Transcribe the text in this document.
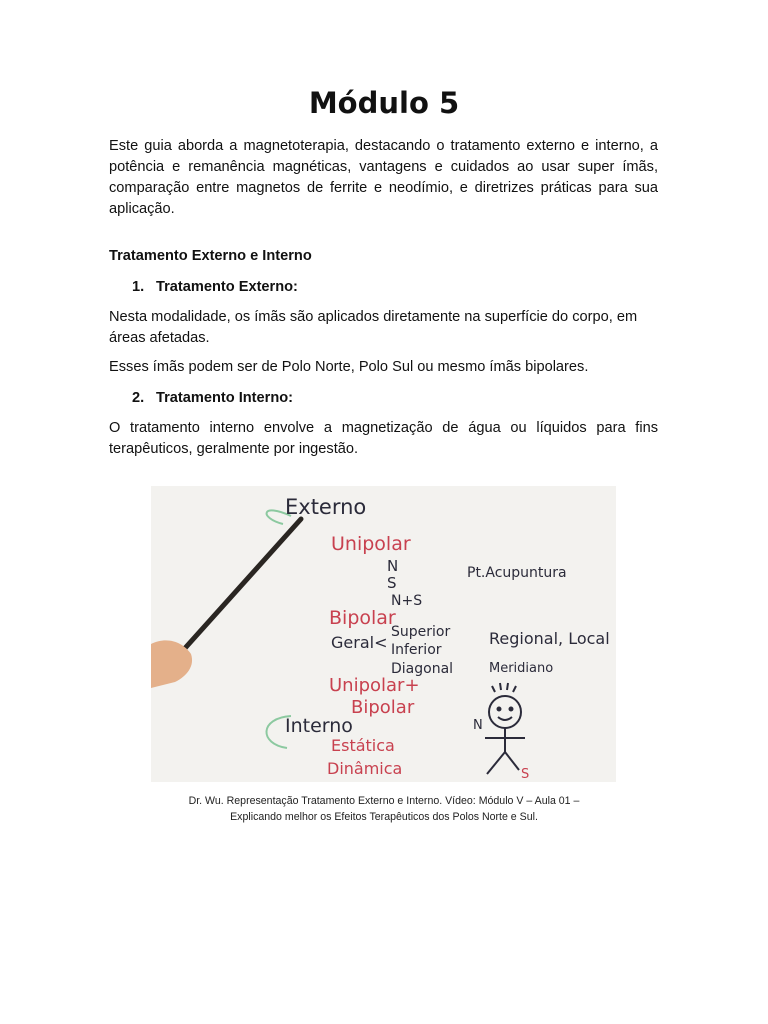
Módulo 5

Este guia aborda a magnetoterapia, destacando o tratamento externo e interno, a potência e remanência magnéticas, vantagens e cuidados ao usar super ímãs, comparação entre magnetos de ferrite e neodímio, e diretrizes práticas para sua aplicação.

Tratamento Externo e Interno

1. Tratamento Externo:

Nesta modalidade, os ímãs são aplicados diretamente na superfície do corpo, em áreas afetadas.

Esses ímãs podem ser de Polo Norte, Polo Sul ou mesmo ímãs bipolares.

2. Tratamento Interno:

O tratamento interno envolve a magnetização de água ou líquidos para fins terapêuticos, geralmente por ingestão.

Externo
Unipolar
N
S
N+S
Pt.Acupuntura
Bipolar
Geral<
Superior
Inferior
Diagonal
Regional, Local
Meridiano
Unipolar+
Bipolar
Interno
Estática
Dinâmica
N
S

Dr. Wu. Representação Tratamento Externo e Interno. Vídeo: Módulo V – Aula 01 –
Explicando melhor os Efeitos Terapêuticos dos Polos Norte e Sul.
